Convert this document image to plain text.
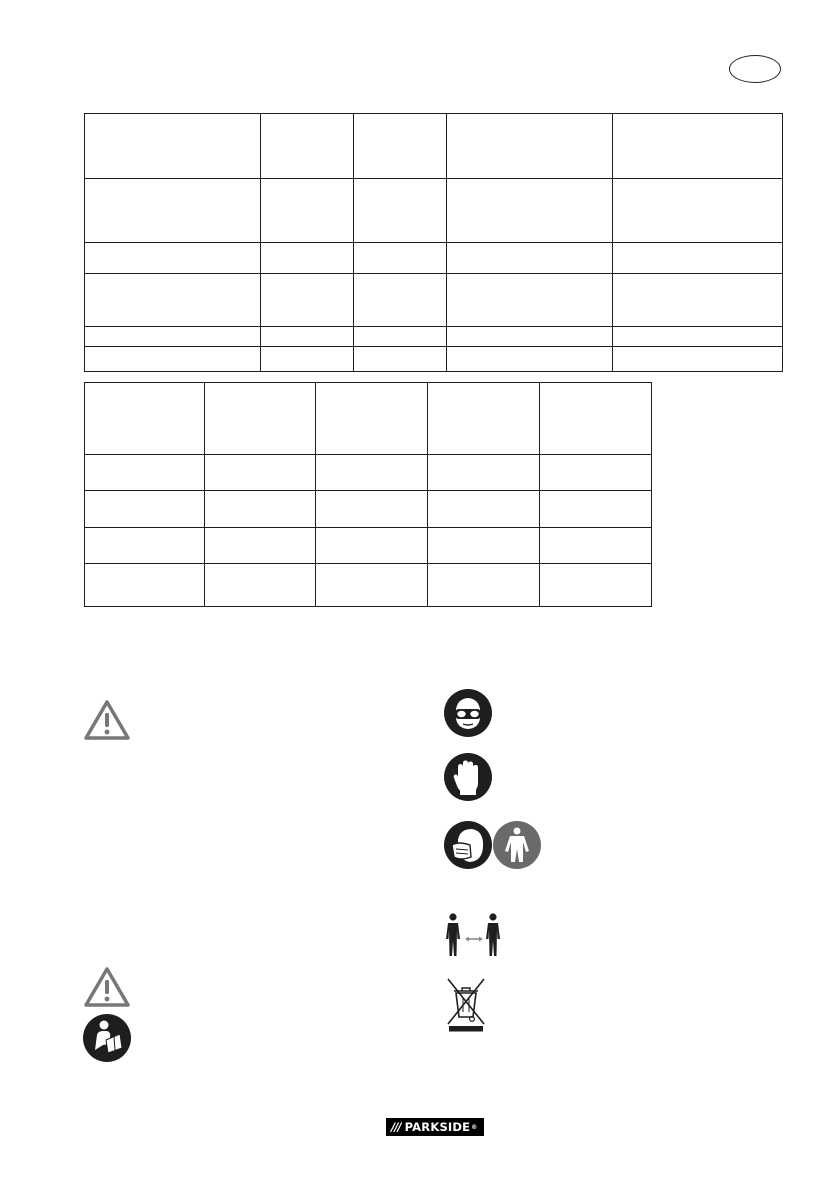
/// PARKSIDE ®
